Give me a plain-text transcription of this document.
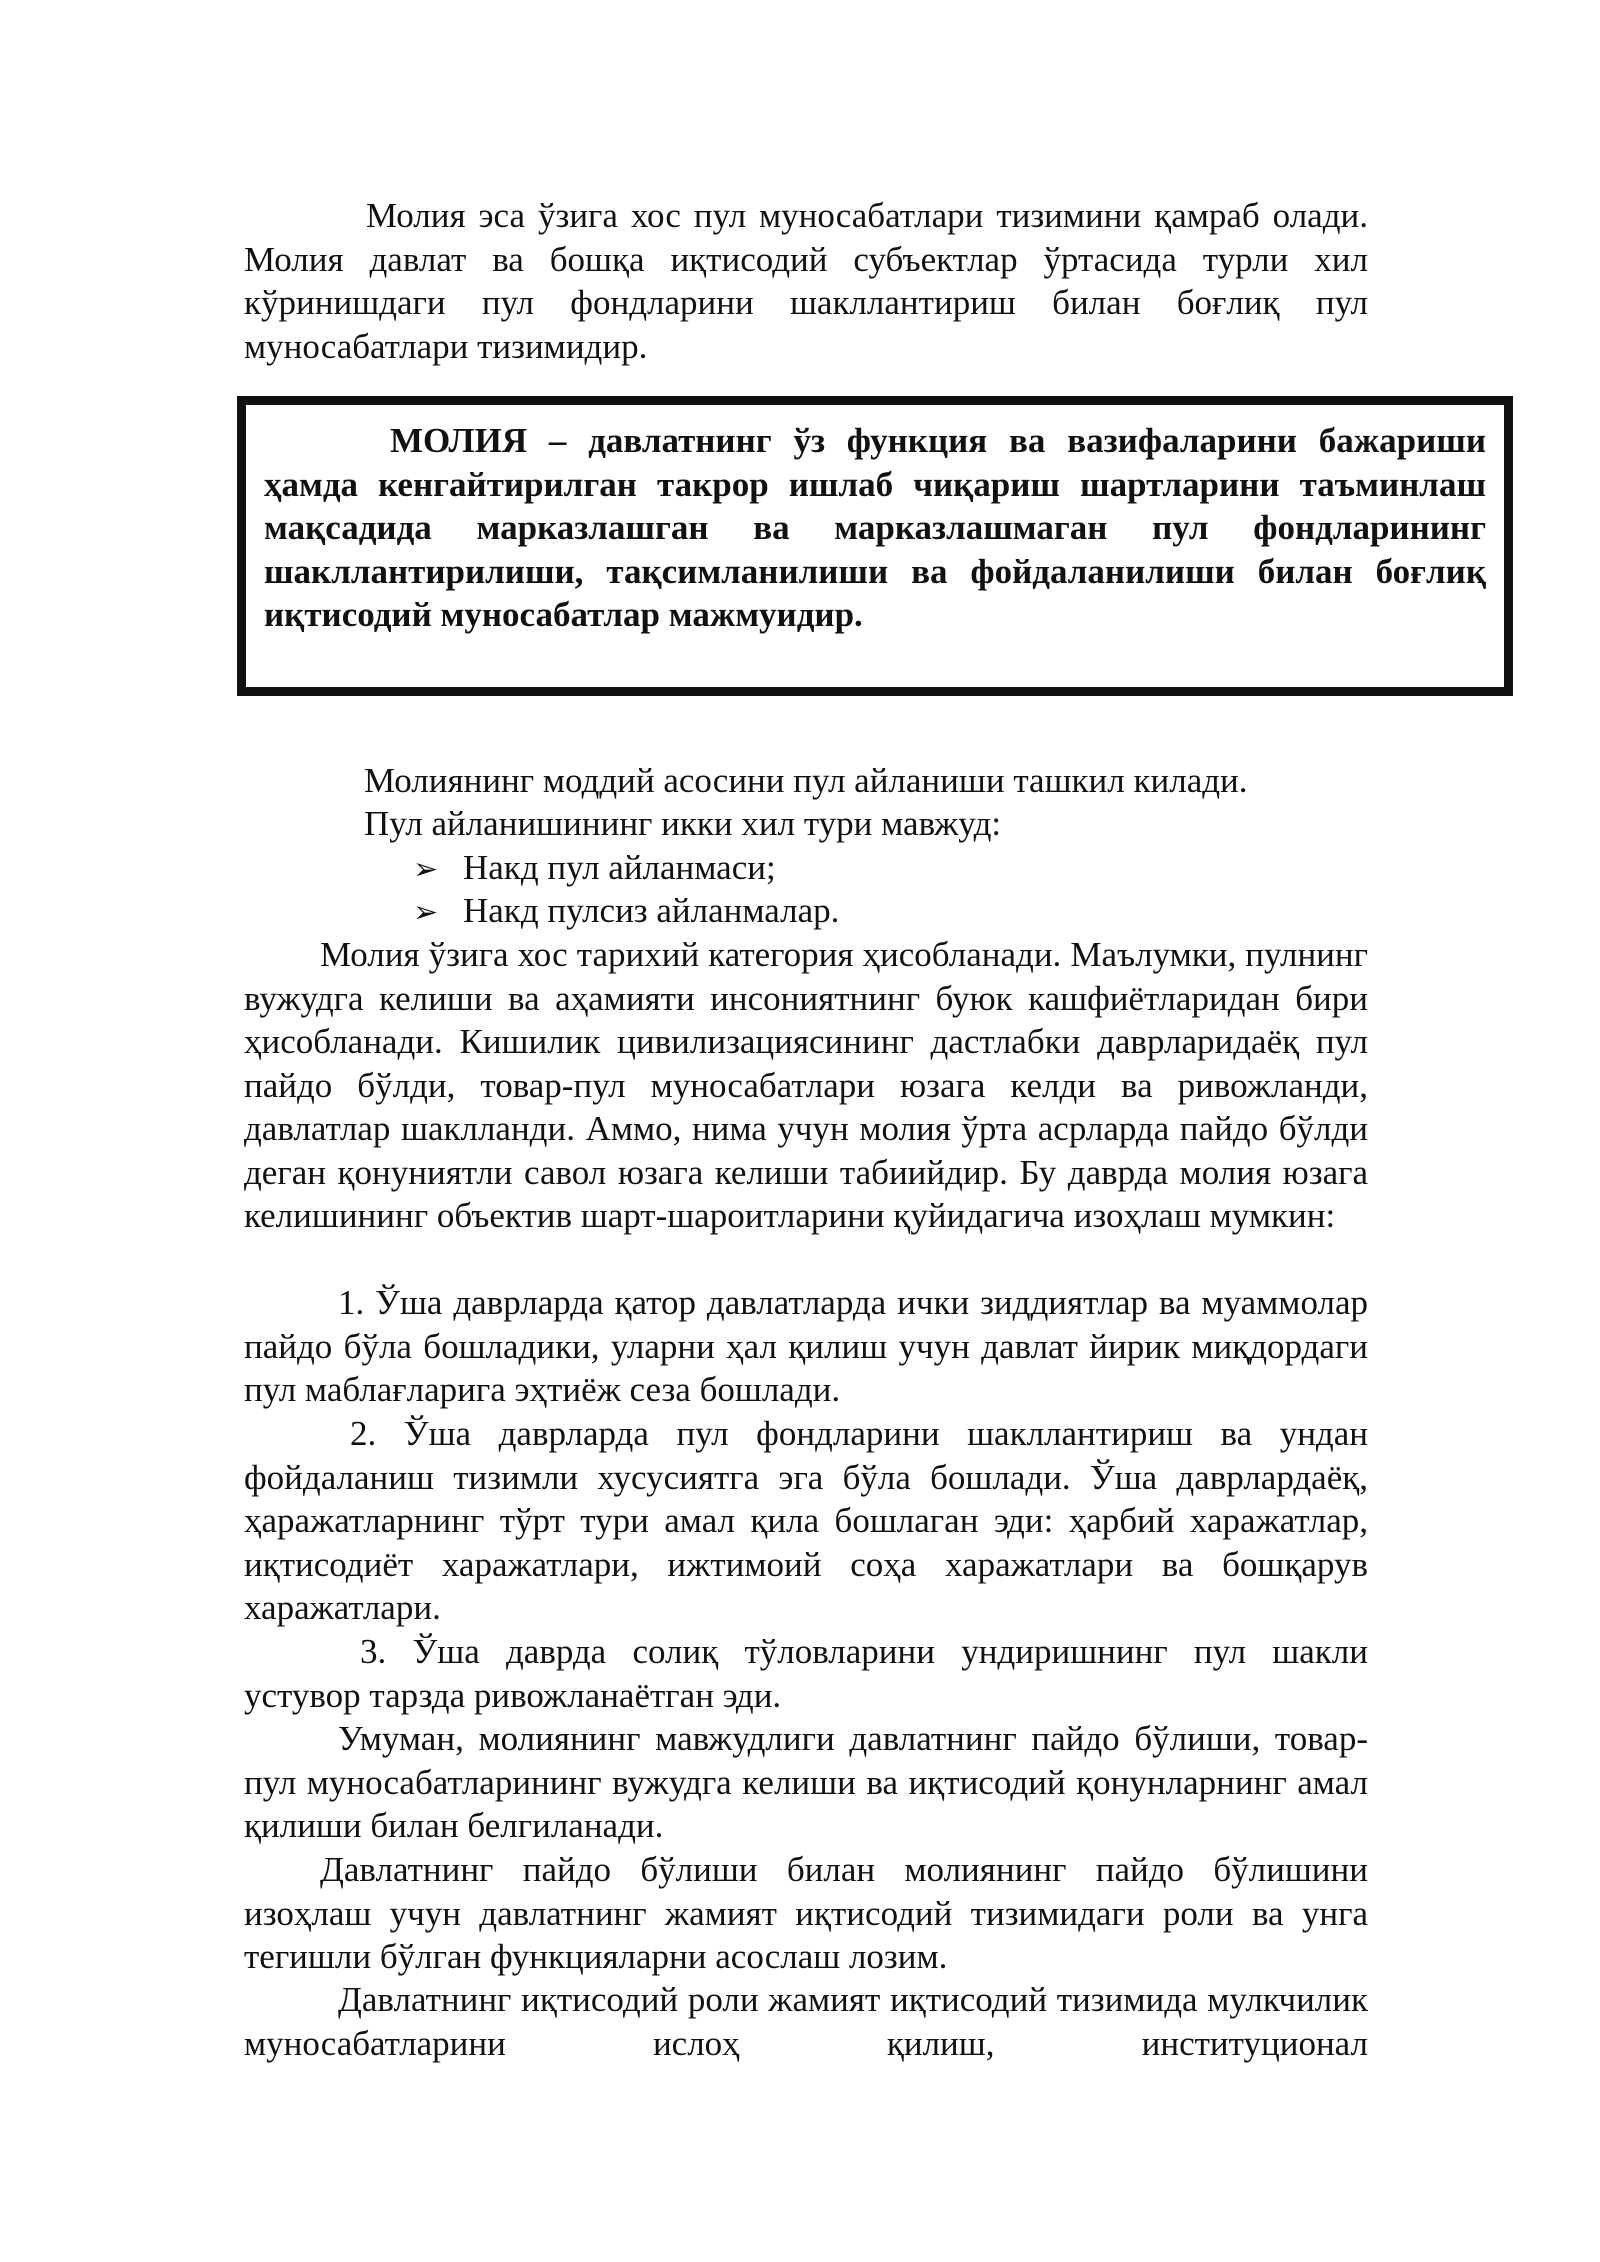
Молия эса ўзига хос пул муносабатлари тизимини қамраб олади. Молия давлат ва бошқа иқтисодий субъектлар ўртасида турли хил кўринишдаги пул фондларини шакллантириш билан боғлиқ пул муносабатлари тизимидир.

МОЛИЯ – давлатнинг ўз функция ва вазифаларини бажариши ҳамда кенгайтирилган такрор ишлаб чиқариш шартларини таъминлаш мақсадида марказлашган ва марказлашмаган пул фондларининг шакллантирилиши, тақсимланилиши ва фойдаланилиши билан боғлиқ иқтисодий муносабатлар мажмуидир.

Молиянинг моддий асосини пул айланиши ташкил килади.

Пул айланишининг икки хил тури мавжуд:

➢ Накд пул айланмаси;
➢ Накд пулсиз айланмалар.

Молия ўзига хос тарихий категория ҳисобланади. Маълумки, пулнинг вужудга келиши ва аҳамияти инсониятнинг буюк кашфиётларидан бири ҳисобланади. Кишилик цивилизациясининг дастлабки даврларидаёқ пул пайдо бўлди, товар-пул муносабатлари юзага келди ва ривожланди, давлатлар шаклланди. Аммо, нима учун молия ўрта асрларда пайдо бўлди деган қонуниятли савол юзага келиши табиийдир. Бу даврда молия юзага келишининг объектив шарт-шароитларини қуйидагича изоҳлаш мумкин:

1. Ўша даврларда қатор давлатларда ички зиддиятлар ва муаммолар пайдо бўла бошладики, уларни ҳал қилиш учун давлат йирик миқдордаги пул маблағларига эҳтиёж сеза бошлади.

2. Ўша даврларда пул фондларини шакллантириш ва ундан фойдаланиш тизимли хусусиятга эга бўла бошлади. Ўша даврлардаёқ, ҳаражатларнинг тўрт тури амал қила бошлаган эди: ҳарбий харажатлар, иқтисодиёт харажатлари, ижтимоий соҳа харажатлари ва бошқарув харажатлари.

3. Ўша даврда солиқ тўловларини ундиришнинг пул шакли устувор тарзда ривожланаётган эди.

Умуман, молиянинг мавжудлиги давлатнинг пайдо бўлиши, товар-пул муносабатларининг вужудга келиши ва иқтисодий қонунларнинг амал қилиши билан белгиланади.

Давлатнинг пайдо бўлиши билан молиянинг пайдо бўлишини изоҳлаш учун давлатнинг жамият иқтисодий тизимидаги роли ва унга тегишли бўлган функцияларни асослаш лозим.

Давлатнинг иқтисодий роли жамият иқтисодий тизимида мулкчилик муносабатларини ислоҳ қилиш, институционал
